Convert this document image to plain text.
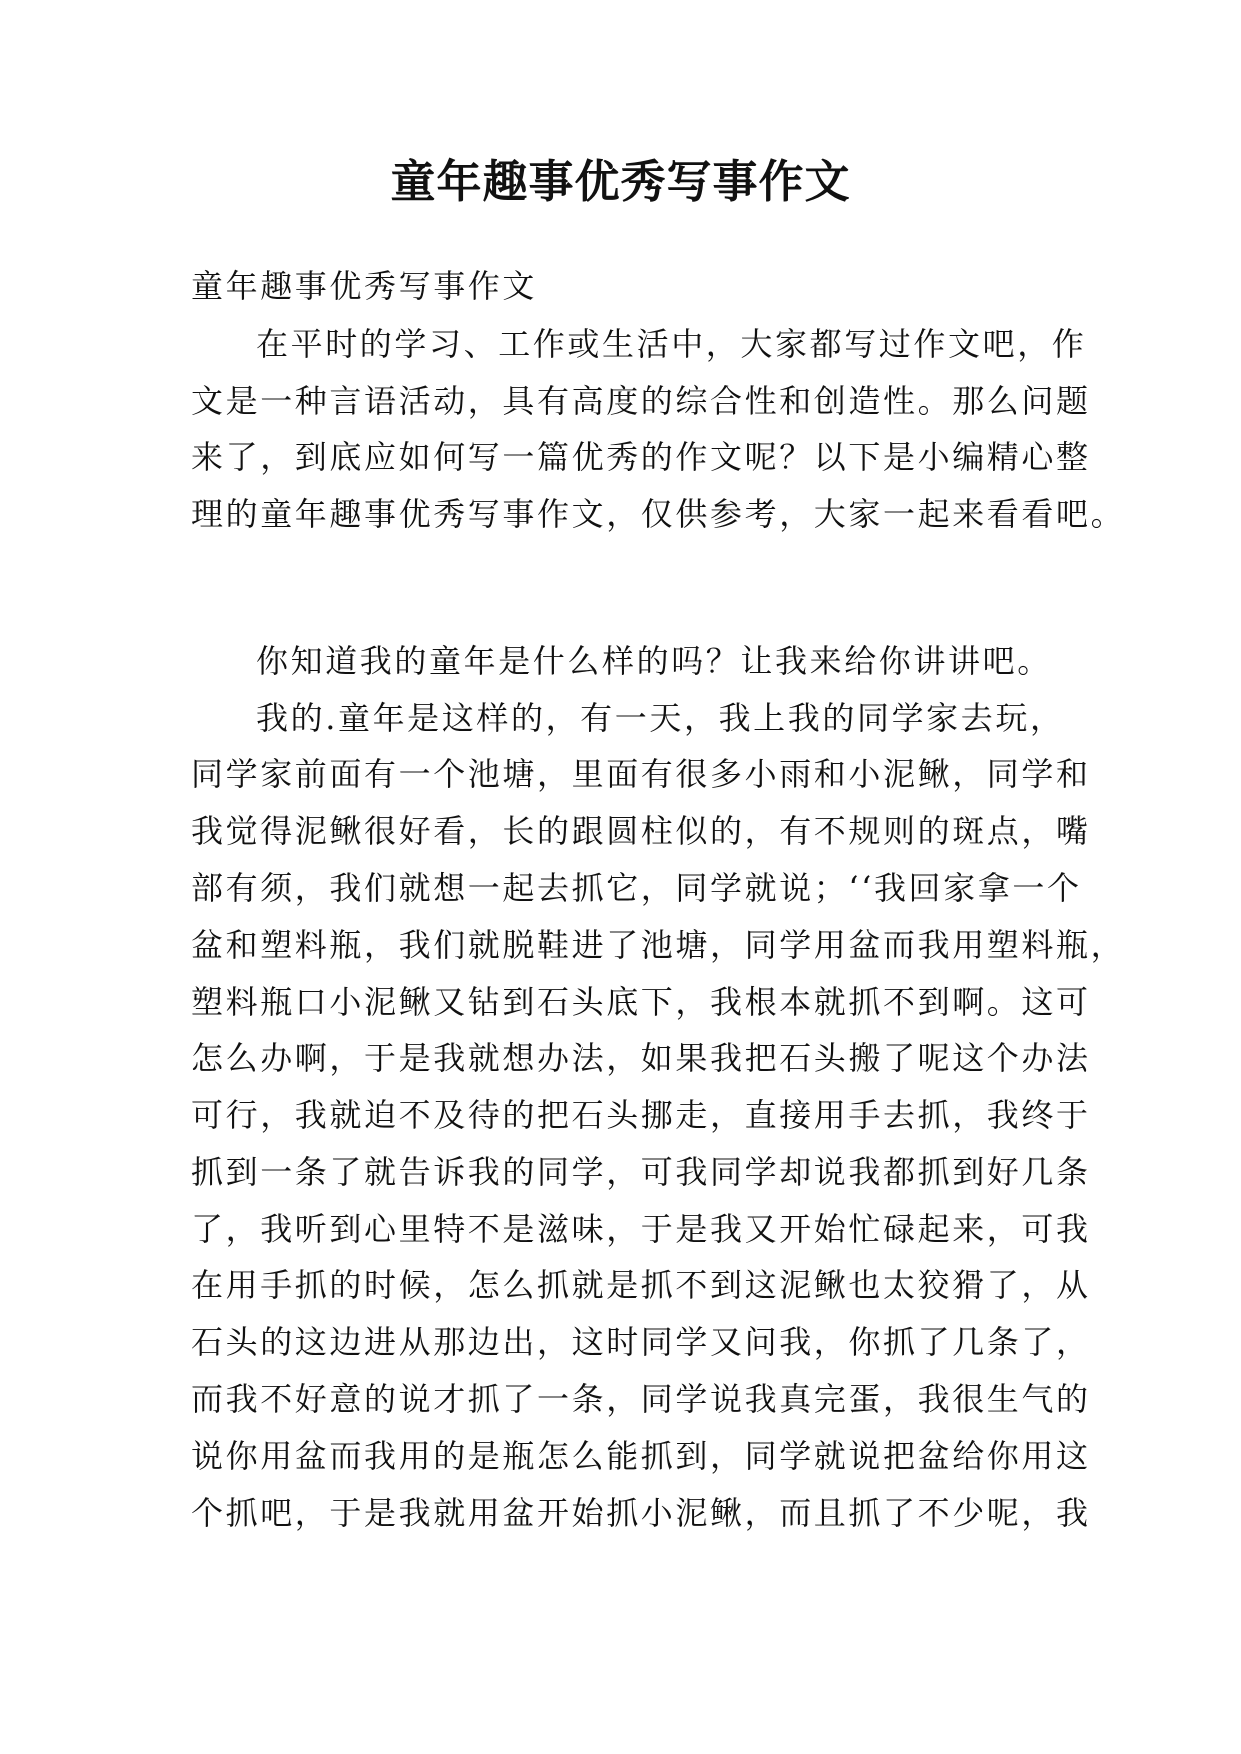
童年趣事优秀写事作文
童年趣事优秀写事作文
在平时的学习、工作或生活中，大家都写过作文吧，作
文是一种言语活动，具有高度的综合性和创造性。那么问题
来了，到底应如何写一篇优秀的作文呢？以下是小编精心整
理的童年趣事优秀写事作文，仅供参考，大家一起来看看吧。
你知道我的童年是什么样的吗？让我来给你讲讲吧。
我的.童年是这样的，有一天，我上我的同学家去玩，
同学家前面有一个池塘，里面有很多小雨和小泥鳅，同学和
我觉得泥鳅很好看，长的跟圆柱似的，有不规则的斑点，嘴
部有须，我们就想一起去抓它，同学就说；‘‘我回家拿一个
盆和塑料瓶，我们就脱鞋进了池塘，同学用盆而我用塑料瓶，
塑料瓶口小泥鳅又钻到石头底下，我根本就抓不到啊。这可
怎么办啊，于是我就想办法，如果我把石头搬了呢这个办法
可行，我就迫不及待的把石头挪走，直接用手去抓，我终于
抓到一条了就告诉我的同学，可我同学却说我都抓到好几条
了，我听到心里特不是滋味，于是我又开始忙碌起来，可我
在用手抓的时候，怎么抓就是抓不到这泥鳅也太狡猾了，从
石头的这边进从那边出，这时同学又问我，你抓了几条了，
而我不好意的说才抓了一条，同学说我真完蛋，我很生气的
说你用盆而我用的是瓶怎么能抓到，同学就说把盆给你用这
个抓吧，于是我就用盆开始抓小泥鳅，而且抓了不少呢，我
